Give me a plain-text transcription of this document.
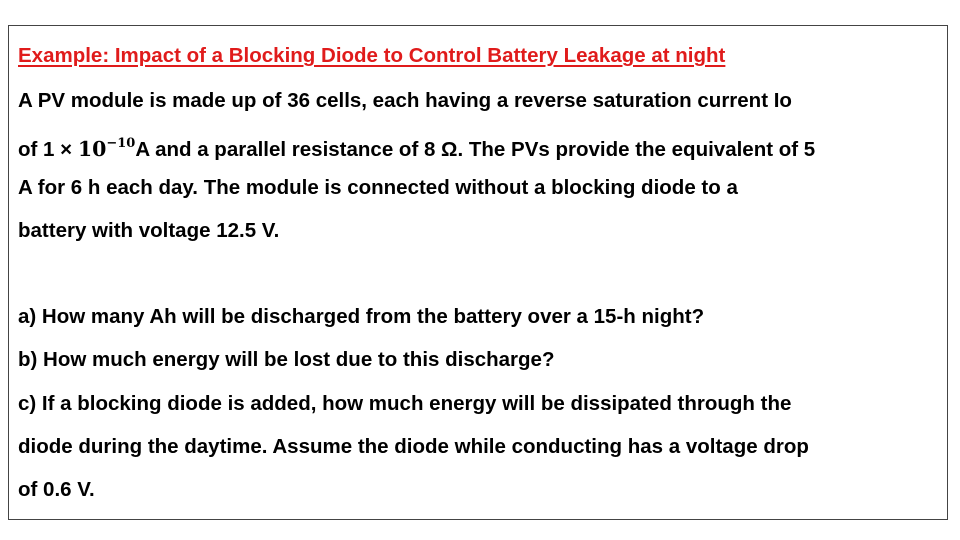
Example: Impact of a Blocking Diode to Control Battery Leakage at night

A PV module is made up of 36 cells, each having a reverse saturation current Io

of $1 \times 10^{-10}A$ and a parallel resistance of 8 Ω. The PVs provide the equivalent of 5

A for 6 h each day. The module is connected without a blocking diode to a

battery with voltage 12.5 V.

a) How many Ah will be discharged from the battery over a 15-h night?

b) How much energy will be lost due to this discharge?

c) If a blocking diode is added, how much energy will be dissipated through the

diode during the daytime. Assume the diode while conducting has a voltage drop

of 0.6 V.
